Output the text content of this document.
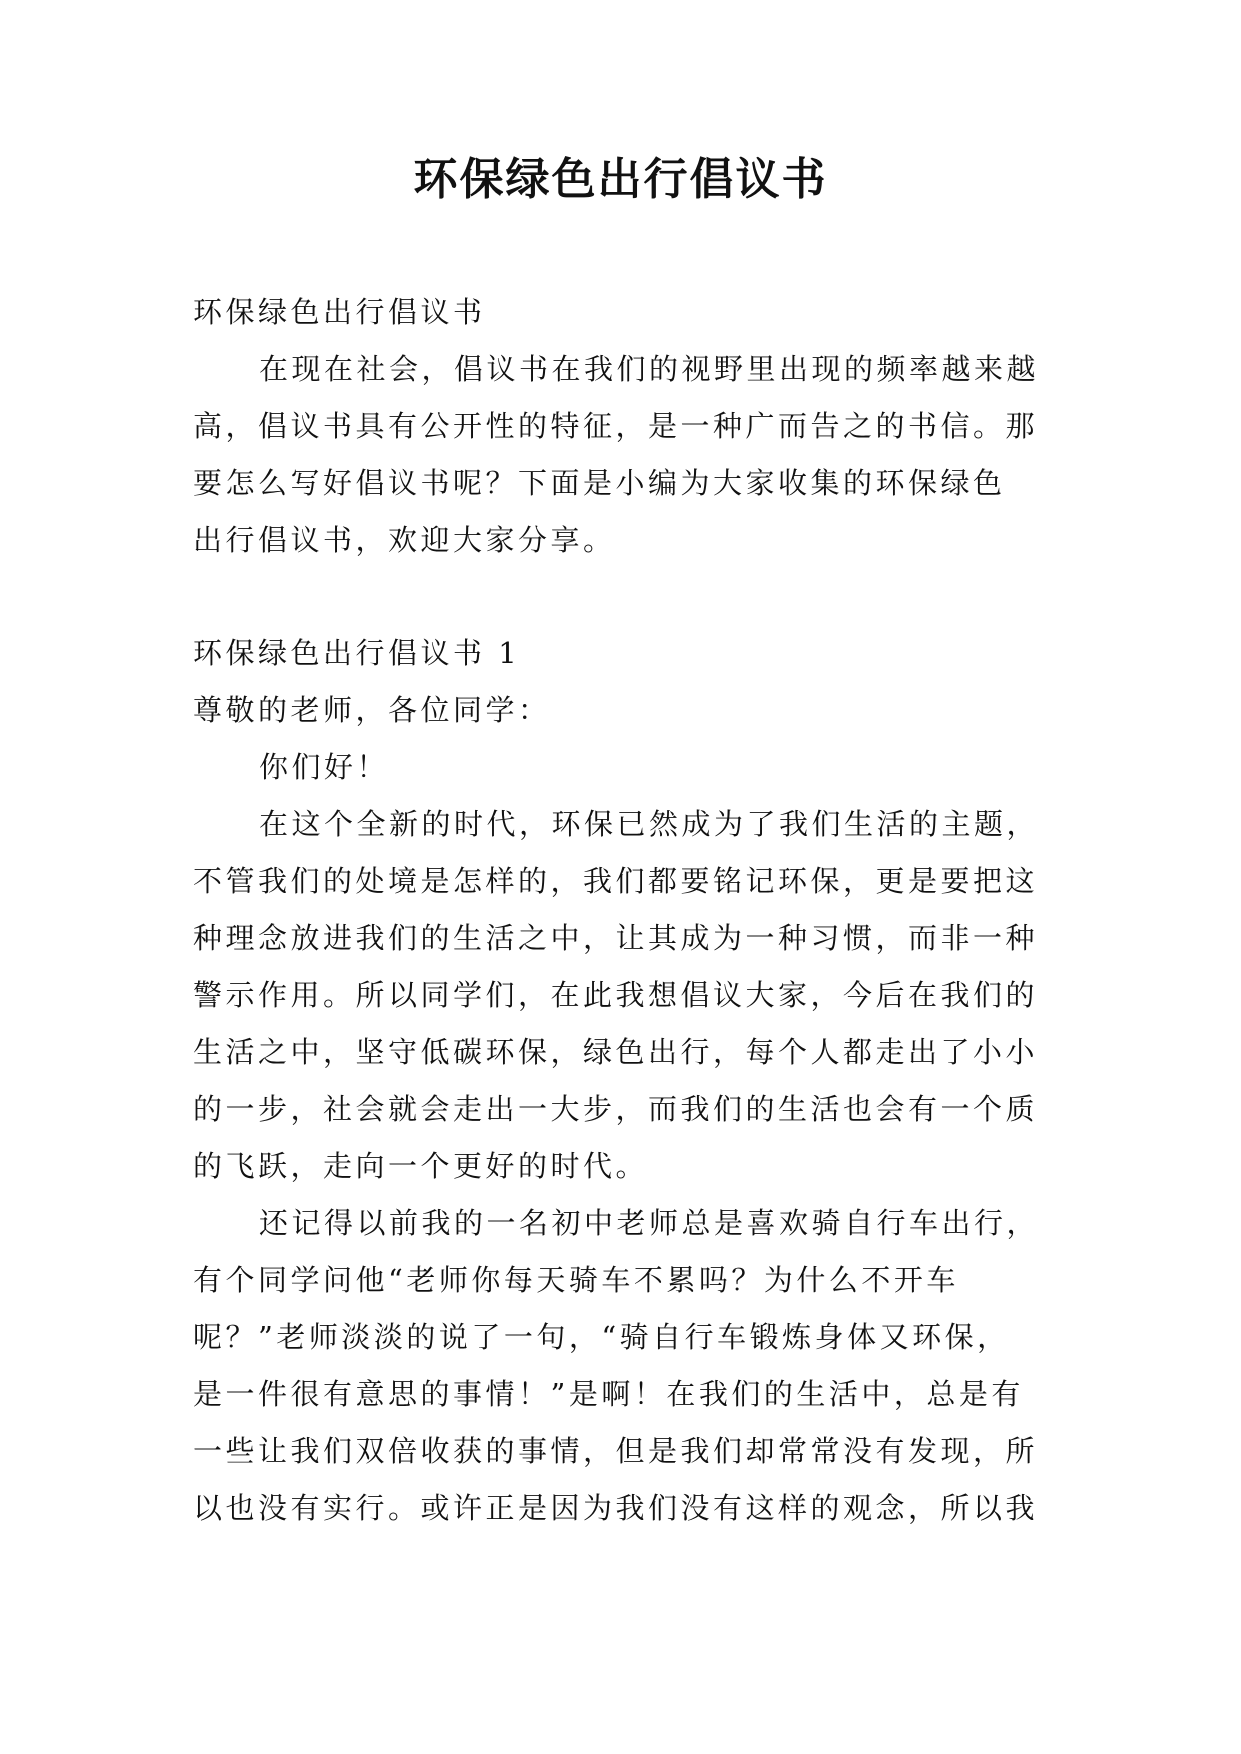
环保绿色出行倡议书

环保绿色出行倡议书

在现在社会，倡议书在我们的视野里出现的频率越来越

高，倡议书具有公开性的特征，是一种广而告之的书信。那

要怎么写好倡议书呢？下面是小编为大家收集的环保绿色

出行倡议书，欢迎大家分享。

环保绿色出行倡议书 1

尊敬的老师，各位同学：

你们好！

在这个全新的时代，环保已然成为了我们生活的主题，

不管我们的处境是怎样的，我们都要铭记环保，更是要把这

种理念放进我们的生活之中，让其成为一种习惯，而非一种

警示作用。所以同学们，在此我想倡议大家，今后在我们的

生活之中，坚守低碳环保，绿色出行，每个人都走出了小小

的一步，社会就会走出一大步，而我们的生活也会有一个质

的飞跃，走向一个更好的时代。

还记得以前我的一名初中老师总是喜欢骑自行车出行，

有个同学问他“老师你每天骑车不累吗？为什么不开车

呢？”老师淡淡的说了一句，“骑自行车锻炼身体又环保，

是一件很有意思的事情！”是啊！在我们的生活中，总是有

一些让我们双倍收获的事情，但是我们却常常没有发现，所

以也没有实行。或许正是因为我们没有这样的观念，所以我
